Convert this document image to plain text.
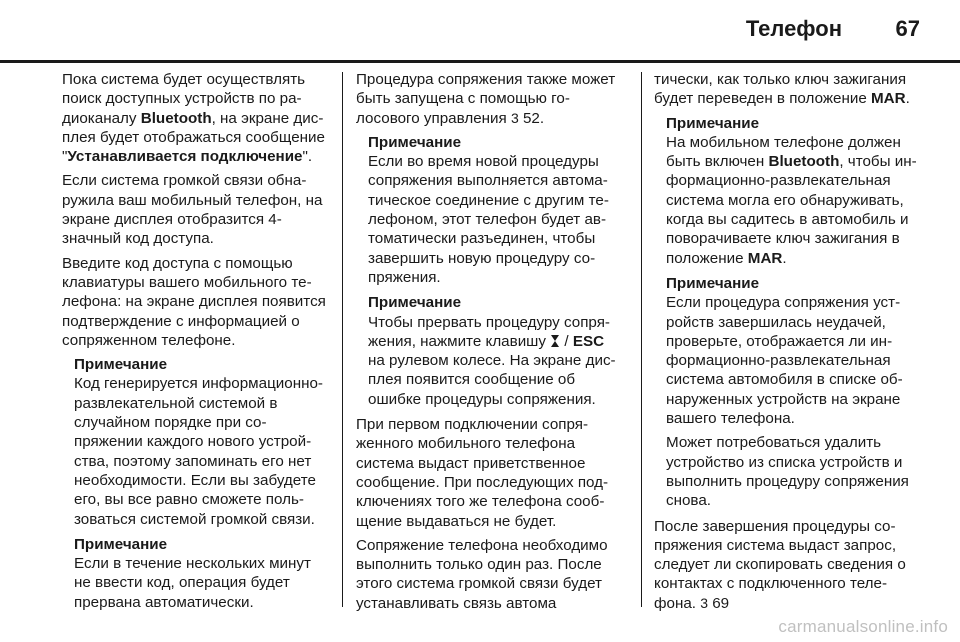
Телефон 67

Пока система будет осуществлять поиск доступных устройств по радиоканалу Bluetooth, на экране дисплея будет отображаться сообщение "Устанавливается подключение".

Если система громкой связи обнаружила ваш мобильный телефон, на экране дисплея отобразится 4-значный код доступа.

Введите код доступа с помощью клавиатуры вашего мобильного телефона: на экране дисплея появится подтверждение с информацией о сопряженном телефоне.

Примечание

Код генерируется информационно-развлекательной системой в случайном порядке при сопряжении каждого нового устройства, поэтому запоминать его нет необходимости. Если вы забудете его, вы все равно сможете пользоваться системой громкой связи.

Примечание

Если в течение нескольких минут не ввести код, операция будет прервана автоматически.

Процедура сопряжения также может быть запущена с помощью голосового управления 3 52.

Примечание

Если во время новой процедуры сопряжения выполняется автоматическое соединение с другим телефоном, этот телефон будет автоматически разъединен, чтобы завершить новую процедуру сопряжения.

Примечание

Чтобы прервать процедуру сопряжения, нажмите клавишу  / ESC на рулевом колесе. На экране дисплея появится сообщение об ошибке процедуры сопряжения.

При первом подключении сопряженного мобильного телефона система выдаст приветственное сообщение. При последующих подключениях того же телефона сообщение выдаваться не будет.

Сопряжение телефона необходимо выполнить только один раз. После этого система громкой связи будет устанавливать связь автома

тически, как только ключ зажигания будет переведен в положение MAR.

Примечание

На мобильном телефоне должен быть включен Bluetooth, чтобы информационно-развлекательная система могла его обнаруживать, когда вы садитесь в автомобиль и поворачиваете ключ зажигания в положение MAR.

Примечание

Если процедура сопряжения устройств завершилась неудачей, проверьте, отображается ли информационно-развлекательная система автомобиля в списке обнаруженных устройств на экране вашего телефона.

Может потребоваться удалить устройство из списка устройств и выполнить процедуру сопряжения снова.

После завершения процедуры сопряжения система выдаст запрос, следует ли скопировать сведения о контактах с подключенного телефона. 3 69

carmanualsonline.info
